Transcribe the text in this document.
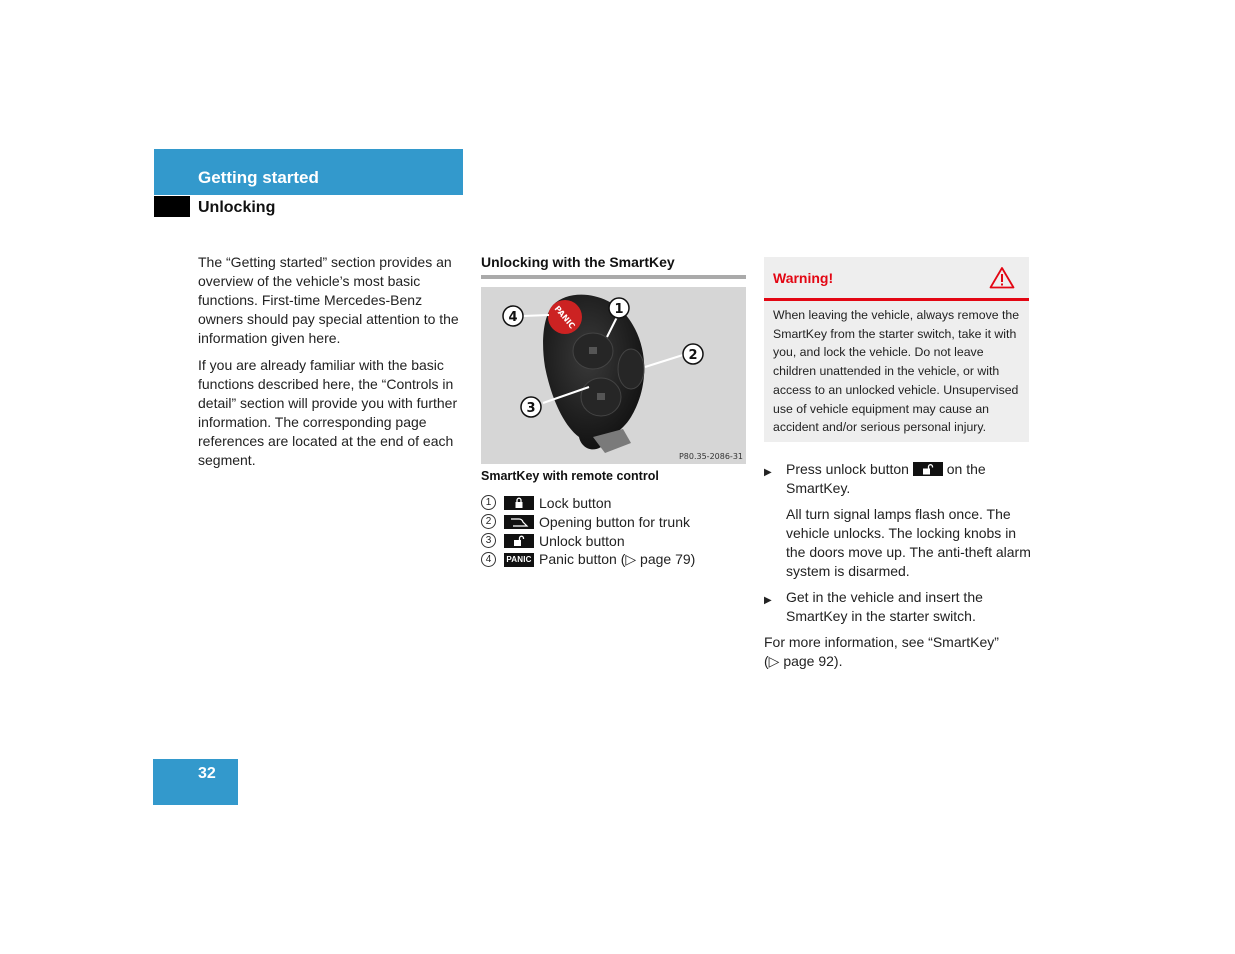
Getting started
Unlocking

The “Getting started” section provides an overview of the vehicle’s most basic functions. First-time Mercedes-Benz owners should pay special attention to the information given here.

If you are already familiar with the basic functions described here, the “Controls in detail” section will provide you with further information. The corresponding page references are located at the end of each segment.

Unlocking with the SmartKey
PANIC
4
1
2
3
P80.35-2086-31
SmartKey with remote control
1	Lock button
2	Opening button for trunk
3	Unlock button
4	PANIC Panic button (▷ page 79)
Warning!

When leaving the vehicle, always remove the SmartKey from the starter switch, take it with you, and lock the vehicle. Do not leave children unattended in the vehicle, or with access to an unlocked vehicle. Unsupervised use of vehicle equipment may cause an accident and/or serious personal injury.

▶	Press unlock button	on the SmartKey.
All turn signal lamps flash once. The vehicle unlocks. The locking knobs in the doors move up. The anti-theft alarm system is disarmed.
▶	Get in the vehicle and insert the SmartKey in the starter switch.
For more information, see “SmartKey” (▷ page 92).
32
